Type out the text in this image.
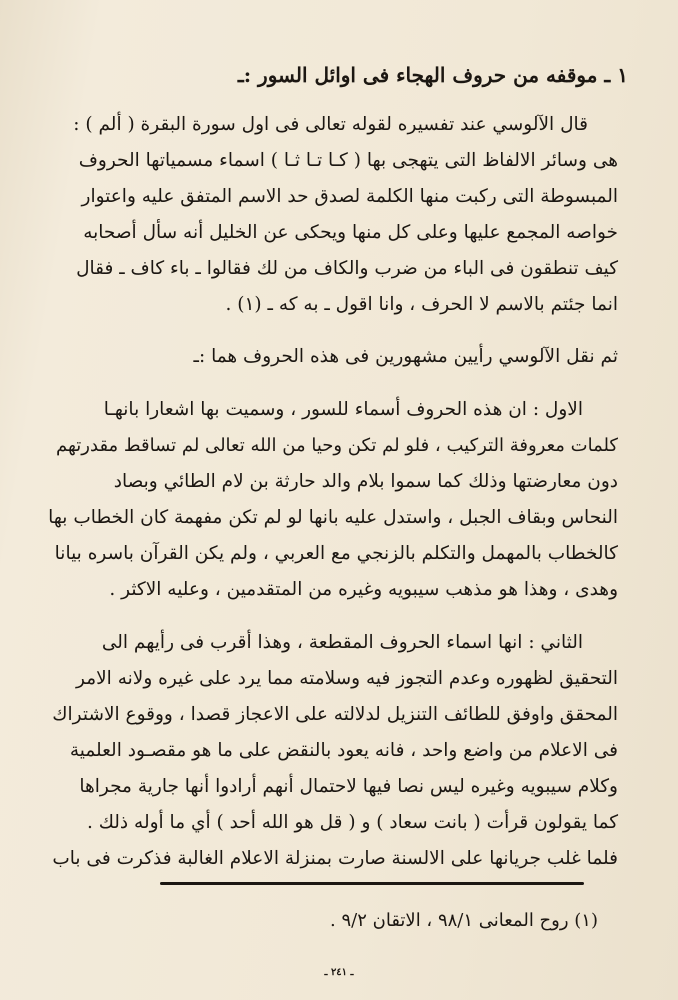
١ ـ موقفه من حروف الهجاء فى اوائل السور :ـ
قال الآلوسي عند تفسيره لقوله تعالى فى اول سورة البقرة ( ألم ) :
هى وسائر الالفاظ التى يتهجى بها ( كـا تـا ثـا ) اسماء مسمياتها الحروف
المبسوطة التى ركبت منها الكلمة لصدق حد الاسم المتفق عليه واعتوار
خواصه المجمع عليها وعلى كل منها ويحكى عن الخليل أنه سأل أصحابه
كيف تنطقون فى الباء من ضرب والكاف من لك فقالوا ـ باء كاف ـ فقال
انما جئتم بالاسم لا الحرف ، وانا اقول ـ به كه ـ (١) .
ثم نقل الآلوسي رأيين مشهورين فى هذه الحروف هما :ـ
الاول : ان هذه الحروف أسماء للسور ، وسميت بها اشعارا بانهـا
كلمات معروفة التركيب ، فلو لم تكن وحيا من الله تعالى لم تساقط مقدرتهم
دون معارضتها وذلك كما سموا بلام والد حارثة بن لام الطائي وبصاد
النحاس وبقاف الجبل ، واستدل عليه بانها لو لم تكن مفهمة كان الخطاب بها
كالخطاب بالمهمل والتكلم بالزنجي مع العربي ، ولم يكن القرآن باسره بيانا
وهدى ، وهذا هو مذهب سيبويه وغيره من المتقدمين ، وعليه الاكثر .
الثاني : انها اسماء الحروف المقطعة ، وهذا أقرب فى رأيهم الى
التحقيق لظهوره وعدم التجوز فيه وسلامته مما يرد على غيره ولانه الامر
المحقق واوفق للطائف التنزيل لدلالته على الاعجاز قصدا ، ووقوع الاشتراك
فى الاعلام من واضع واحد ، فانه يعود بالنقض على ما هو مقصـود العلمية
وكلام سيبويه وغيره ليس نصا فيها لاحتمال أنهم أرادوا أنها جارية مجراها
كما يقولون قرأت ( بانت سعاد ) و ( قل هو الله أحد ) أي ما أوله ذلك .
فلما غلب جريانها على الالسنة صارت بمنزلة الاعلام الغالبة فذكرت فى باب
(١) روح المعانى ٩٨/١ ، الاتقان ٩/٢ .
ـ ٢٤١ ـ
